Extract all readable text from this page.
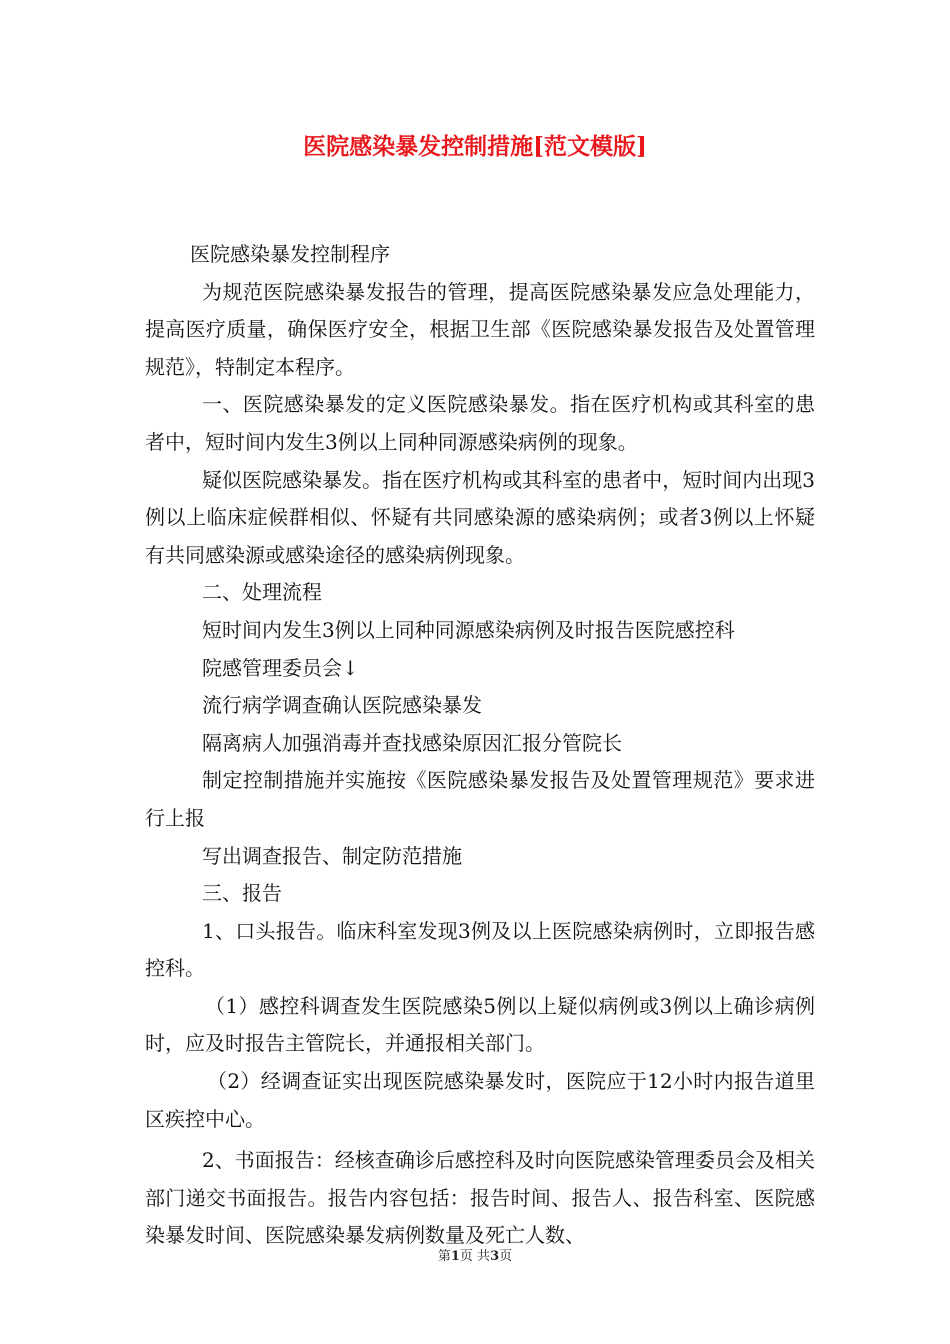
医院感染暴发控制措施[范文模版]

医院感染暴发控制程序

为规范医院感染暴发报告的管理，提高医院感染暴发应急处理能力，提高医疗质量，确保医疗安全，根据卫生部《医院感染暴发报告及处置管理规范》，特制定本程序。

一、医院感染暴发的定义医院感染暴发。指在医疗机构或其科室的患者中，短时间内发生3例以上同种同源感染病例的现象。

疑似医院感染暴发。指在医疗机构或其科室的患者中，短时间内出现3例以上临床症候群相似、怀疑有共同感染源的感染病例；或者3例以上怀疑有共同感染源或感染途径的感染病例现象。

二、处理流程

短时间内发生3例以上同种同源感染病例及时报告医院感控科

院感管理委员会↓

流行病学调查确认医院感染暴发

隔离病人加强消毒并查找感染原因汇报分管院长

制定控制措施并实施按《医院感染暴发报告及处置管理规范》要求进行上报

写出调查报告、制定防范措施

三、报告

1、口头报告。临床科室发现3例及以上医院感染病例时，立即报告感控科。

（1）感控科调查发生医院感染5例以上疑似病例或3例以上确诊病例时，应及时报告主管院长，并通报相关部门。

（2）经调查证实出现医院感染暴发时，医院应于12小时内报告道里区疾控中心。

2、书面报告：经核查确诊后感控科及时向医院感染管理委员会及相关部门递交书面报告。报告内容包括：报告时间、报告人、报告科室、医院感染暴发时间、医院感染暴发病例数量及死亡人数、

第1页 共3页
